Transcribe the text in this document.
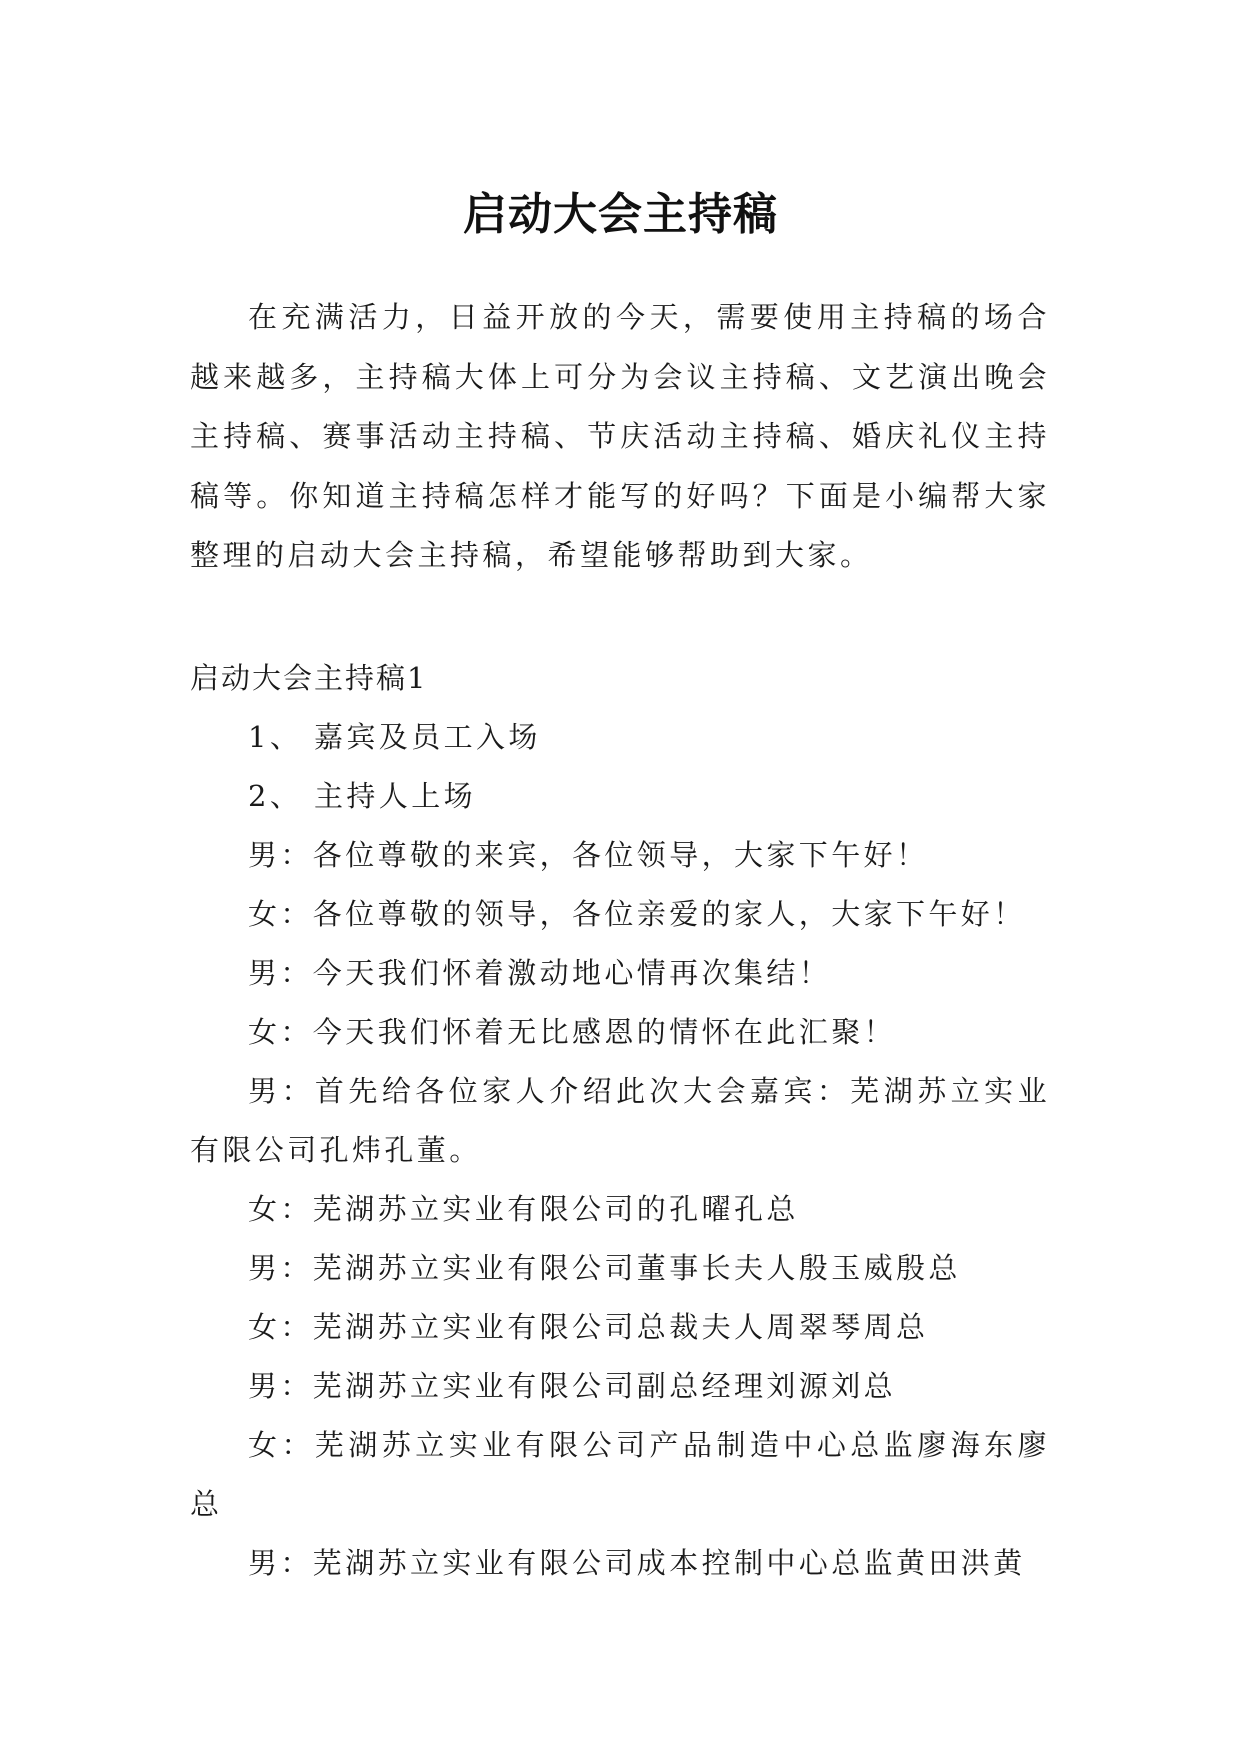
启动大会主持稿

在充满活力，日益开放的今天，需要使用主持稿的场合越来越多，主持稿大体上可分为会议主持稿、文艺演出晚会主持稿、赛事活动主持稿、节庆活动主持稿、婚庆礼仪主持稿等。你知道主持稿怎样才能写的好吗？下面是小编帮大家整理的启动大会主持稿，希望能够帮助到大家。

启动大会主持稿1

1、 嘉宾及员工入场

2、 主持人上场

男：各位尊敬的来宾，各位领导，大家下午好！

女：各位尊敬的领导，各位亲爱的家人，大家下午好！

男：今天我们怀着激动地心情再次集结！

女：今天我们怀着无比感恩的情怀在此汇聚！

男：首先给各位家人介绍此次大会嘉宾：芜湖苏立实业有限公司孔炜孔董。

女：芜湖苏立实业有限公司的孔曜孔总

男：芜湖苏立实业有限公司董事长夫人殷玉威殷总

女：芜湖苏立实业有限公司总裁夫人周翠琴周总

男：芜湖苏立实业有限公司副总经理刘源刘总

女：芜湖苏立实业有限公司产品制造中心总监廖海东廖总

男：芜湖苏立实业有限公司成本控制中心总监黄田洪黄
